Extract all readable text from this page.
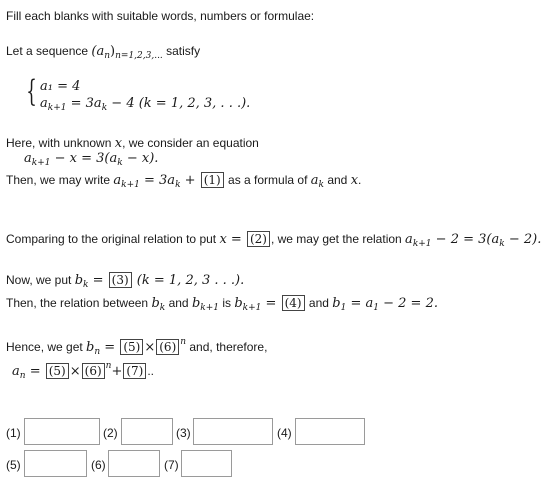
Fill each blanks with suitable words, numbers or formulae:
Let a sequence $(a_n)_{n=1,2,3,...}$ satisfy
{ a₁ = 4
$a_{k+1} = 3a_k - 4$ (k = 1, 2, 3, . . .).
Here, with unknown x, we consider an equation
$a_{k+1} - x = 3(a_k - x)$.
Then, we may write $a_{k+1} = 3a_k + (1)$ as a formula of $a_k$ and x.
Comparing to the original relation to put x = (2) , we may get the relation $a_{k+1} - 2 = 3(a_k - 2)$.
Now, we put $b_k = (3) (k = 1$, 2, 3 . . .).
Then, the relation between $b_k$ and $b_{k+1}$ is $b_{k+1} = (4)$ and $b_1 = a_1 - 2 = 2$.
Hence, we get $b_n = (5) \times (6)$ $^n$ and, therefore,
$a_n = (5) \times (6)$ $^n$+ (7) ..
(1)	(2)	(3)	(4)
(5)	(6)	(7)
